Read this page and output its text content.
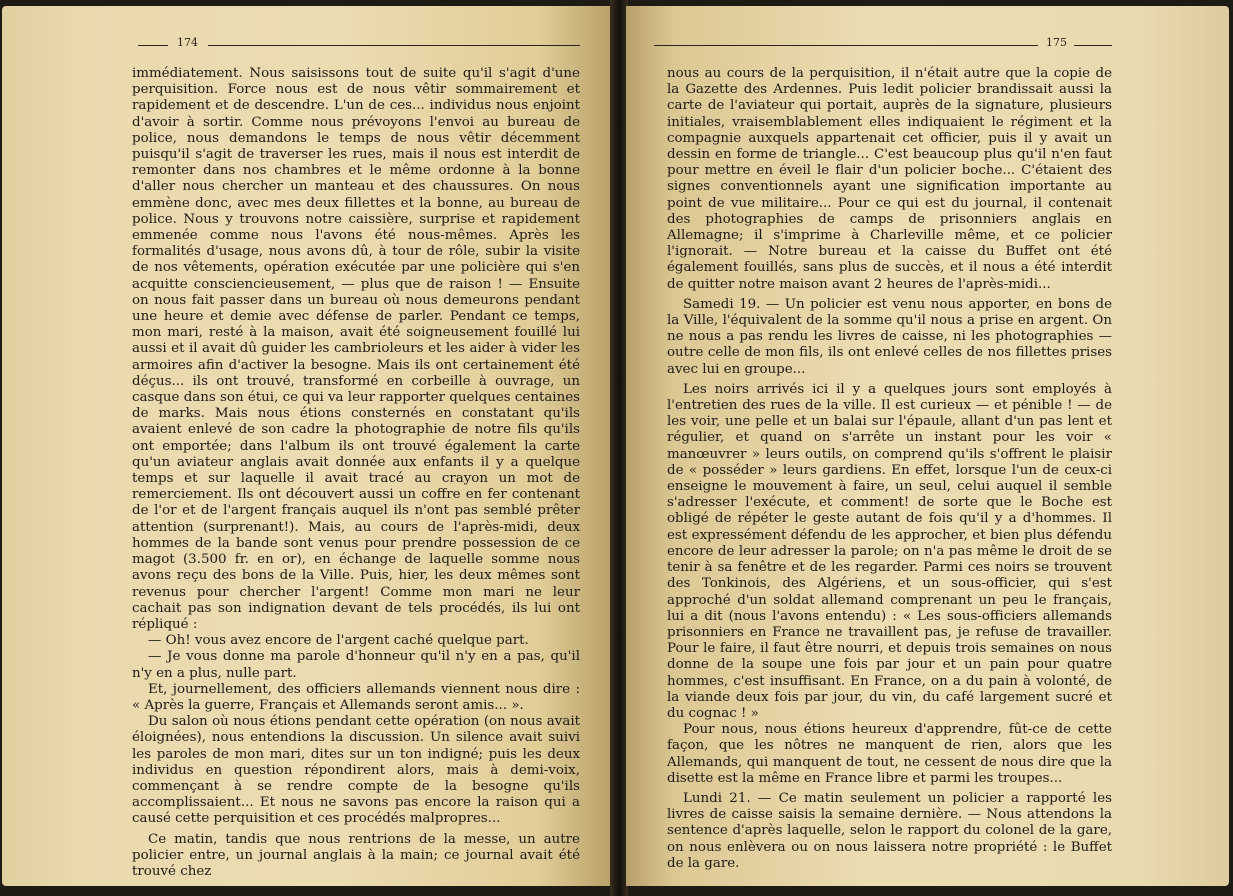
174

immédiatement. Nous saisissons tout de suite qu'il s'agit d'une perquisition. Force nous est de nous vêtir sommairement et rapidement et de descendre. L'un de ces... individus nous enjoint d'avoir à sortir. Comme nous prévoyons l'envoi au bureau de police, nous demandons le temps de nous vêtir décemment puisqu'il s'agit de traverser les rues, mais il nous est interdit de remonter dans nos chambres et le même ordonne à la bonne d'aller nous chercher un manteau et des chaussures. On nous emmène donc, avec mes deux fillettes et la bonne, au bureau de police. Nous y trouvons notre caissière, surprise et rapidement emmenée comme nous l'avons été nous-mêmes. Après les formalités d'usage, nous avons dû, à tour de rôle, subir la visite de nos vêtements, opération exécutée par une policière qui s'en acquitte consciencieusement, — plus que de raison ! — Ensuite on nous fait passer dans un bureau où nous demeurons pendant une heure et demie avec défense de parler. Pendant ce temps, mon mari, resté à la maison, avait été soigneusement fouillé lui aussi et il avait dû guider les cambrioleurs et les aider à vider les armoires afin d'activer la besogne. Mais ils ont certainement été déçus... ils ont trouvé, transformé en corbeille à ouvrage, un casque dans son étui, ce qui va leur rapporter quelques centaines de marks. Mais nous étions consternés en constatant qu'ils avaient enlevé de son cadre la photographie de notre fils qu'ils ont emportée; dans l'album ils ont trouvé également la carte qu'un aviateur anglais avait donnée aux enfants il y a quelque temps et sur laquelle il avait tracé au crayon un mot de remerciement. Ils ont découvert aussi un coffre en fer contenant de l'or et de l'argent français auquel ils n'ont pas semblé prêter attention (surprenant!). Mais, au cours de l'après-midi, deux hommes de la bande sont venus pour prendre possession de ce magot (3.500 fr. en or), en échange de laquelle somme nous avons reçu des bons de la Ville. Puis, hier, les deux mêmes sont revenus pour chercher l'argent! Comme mon mari ne leur cachait pas son indignation devant de tels procédés, ils lui ont répliqué :

— Oh! vous avez encore de l'argent caché quelque part.

— Je vous donne ma parole d'honneur qu'il n'y en a pas, qu'il n'y en a plus, nulle part.

Et, journellement, des officiers allemands viennent nous dire : « Après la guerre, Français et Allemands seront amis... ».

Du salon où nous étions pendant cette opération (on nous avait éloignées), nous entendions la discussion. Un silence avait suivi les paroles de mon mari, dites sur un ton indigné; puis les deux individus en question répondirent alors, mais à demi-voix, commençant à se rendre compte de la besogne qu'ils accomplissaient... Et nous ne savons pas encore la raison qui a causé cette perquisition et ces procédés malpropres...

Ce matin, tandis que nous rentrions de la messe, un autre policier entre, un journal anglais à la main; ce journal avait été trouvé chez

175

nous au cours de la perquisition, il n'était autre que la copie de la Gazette des Ardennes. Puis ledit policier brandissait aussi la carte de l'aviateur qui portait, auprès de la signature, plusieurs initiales, vraisemblablement elles indiquaient le régiment et la compagnie auxquels appartenait cet officier, puis il y avait un dessin en forme de triangle... C'est beaucoup plus qu'il n'en faut pour mettre en éveil le flair d'un policier boche... C'étaient des signes conventionnels ayant une signification importante au point de vue militaire... Pour ce qui est du journal, il contenait des photographies de camps de prisonniers anglais en Allemagne; il s'imprime à Charleville même, et ce policier l'ignorait. — Notre bureau et la caisse du Buffet ont été également fouillés, sans plus de succès, et il nous a été interdit de quitter notre maison avant 2 heures de l'après-midi...

Samedi 19. — Un policier est venu nous apporter, en bons de la Ville, l'équivalent de la somme qu'il nous a prise en argent. On ne nous a pas rendu les livres de caisse, ni les photographies — outre celle de mon fils, ils ont enlevé celles de nos fillettes prises avec lui en groupe...

Les noirs arrivés ici il y a quelques jours sont employés à l'entretien des rues de la ville. Il est curieux — et pénible ! — de les voir, une pelle et un balai sur l'épaule, allant d'un pas lent et régulier, et quand on s'arrête un instant pour les voir « manœuvrer » leurs outils, on comprend qu'ils s'offrent le plaisir de « posséder » leurs gardiens. En effet, lorsque l'un de ceux-ci enseigne le mouvement à faire, un seul, celui auquel il semble s'adresser l'exécute, et comment! de sorte que le Boche est obligé de répéter le geste autant de fois qu'il y a d'hommes. Il est expressément défendu de les approcher, et bien plus défendu encore de leur adresser la parole; on n'a pas même le droit de se tenir à sa fenêtre et de les regarder. Parmi ces noirs se trouvent des Tonkinois, des Algériens, et un sous-officier, qui s'est approché d'un soldat allemand comprenant un peu le français, lui a dit (nous l'avons entendu) : « Les sous-officiers allemands prisonniers en France ne travaillent pas, je refuse de travailler. Pour le faire, il faut être nourri, et depuis trois semaines on nous donne de la soupe une fois par jour et un pain pour quatre hommes, c'est insuffisant. En France, on a du pain à volonté, de la viande deux fois par jour, du vin, du café largement sucré et du cognac ! »

Pour nous, nous étions heureux d'apprendre, fût-ce de cette façon, que les nôtres ne manquent de rien, alors que les Allemands, qui manquent de tout, ne cessent de nous dire que la disette est la même en France libre et parmi les troupes...

Lundi 21. — Ce matin seulement un policier a rapporté les livres de caisse saisis la semaine dernière. — Nous attendons la sentence d'après laquelle, selon le rapport du colonel de la gare, on nous enlèvera ou on nous laissera notre propriété : le Buffet de la gare.
